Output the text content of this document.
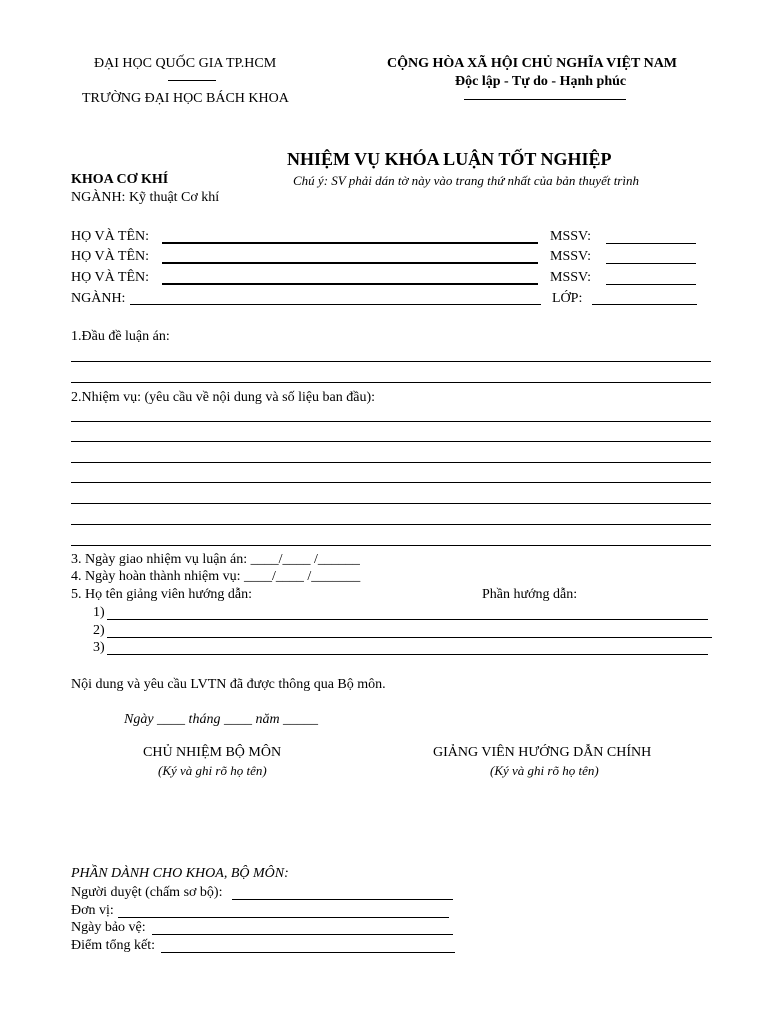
ĐẠI HỌC QUỐC GIA TP.HCM
TRƯỜNG ĐẠI HỌC BÁCH KHOA
CỘNG HÒA XÃ HỘI CHỦ NGHĨA VIỆT NAM
Độc lập - Tự do - Hạnh phúc
NHIỆM VỤ KHÓA LUẬN TỐT NGHIỆP
KHOA CƠ KHÍ	Chú ý: SV phải dán tờ này vào trang thứ nhất của bản thuyết trình
NGÀNH: Kỹ thuật Cơ khí
HỌ VÀ TÊN:	MSSV:
HỌ VÀ TÊN:	MSSV:
HỌ VÀ TÊN:	MSSV:
NGÀNH:	LỚP:
1.Đầu đề luận án:
2.Nhiệm vụ: (yêu cầu về nội dung và số liệu ban đầu):
3. Ngày giao nhiệm vụ luận án: ____/____ /______
4. Ngày hoàn thành nhiệm vụ: ____/____ /_______
5. Họ tên giảng viên hướng dẫn:	Phần hướng dẫn:
1)
2)
3)
Nội dung và yêu cầu LVTN đã được thông qua Bộ môn.
Ngày ____ tháng ____ năm _____
CHỦ NHIỆM BỘ MÔN
(Ký và ghi rõ họ tên)
GIẢNG VIÊN HƯỚNG DẪN CHÍNH
(Ký và ghi rõ họ tên)
PHẦN DÀNH CHO KHOA, BỘ MÔN:
Người duyệt (chấm sơ bộ):
Đơn vị:
Ngày bảo vệ:
Điểm tổng kết:
